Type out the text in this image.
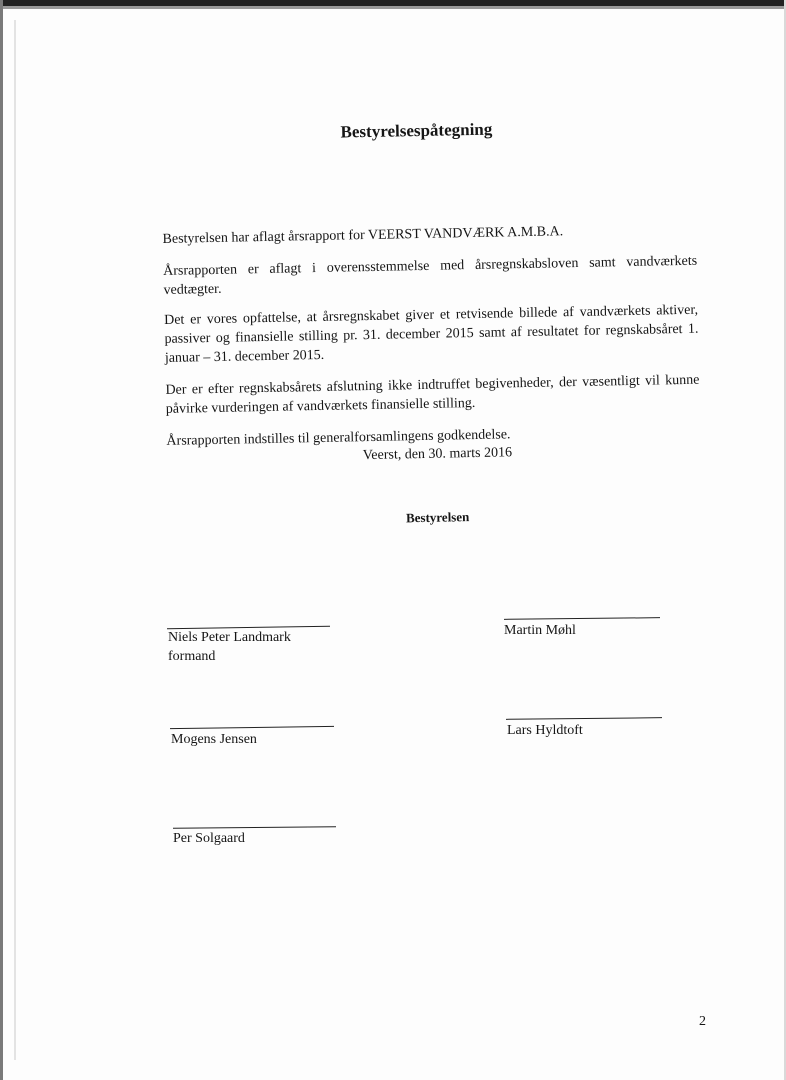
Bestyrelsespåtegning
Bestyrelsen har aflagt årsrapport for VEERST VANDVÆRK A.M.B.A.
Årsrapporten er aflagt i overensstemmelse med årsregnskabsloven samt vandværkets vedtægter.
Det er vores opfattelse, at årsregnskabet giver et retvisende billede af vandværkets aktiver, passiver og finansielle stilling pr. 31. december 2015 samt af resultatet for regnskabsåret 1. januar – 31. december 2015.
Der er efter regnskabsårets afslutning ikke indtruffet begivenheder, der væsentligt vil kunne påvirke vurderingen af vandværkets finansielle stilling.
Årsrapporten indstilles til generalforsamlingens godkendelse.
Veerst, den 30. marts 2016
Bestyrelsen
Niels Peter Landmark
formand
Martin Møhl
Mogens Jensen
Lars Hyldtoft
Per Solgaard
2
